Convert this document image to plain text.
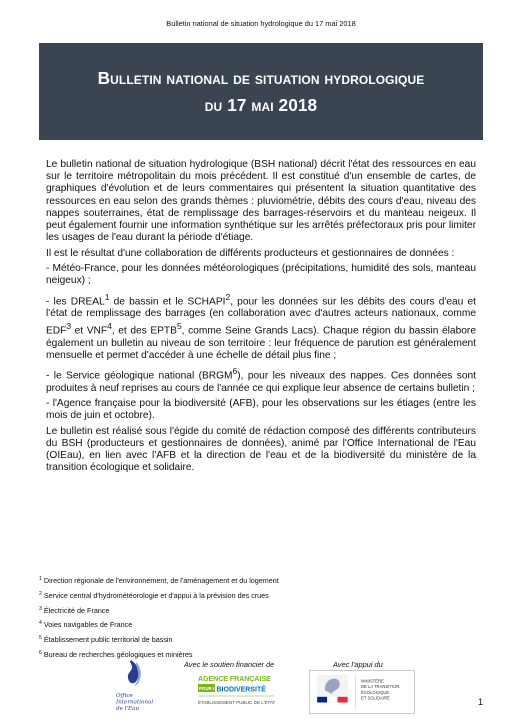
Bulletin national de situation hydrologique du 17 mai 2018
Bulletin national de situation hydrologique
du 17 mai 2018

Le bulletin national de situation hydrologique (BSH national) décrit l'état des ressources en eau sur le territoire métropolitain du mois précédent. Il est constitué d'un ensemble de cartes, de graphiques d'évolution et de leurs commentaires qui présentent la situation quantitative des ressources en eau selon des grands thèmes : pluviométrie, débits des cours d'eau, niveau des nappes souterraines, état de remplissage des barrages-réservoirs et du manteau neigeux. Il peut également fournir une information synthétique sur les arrêtés préfectoraux pris pour limiter les usages de l'eau durant la période d'étiage.

Il est le résultat d'une collaboration de différents producteurs et gestionnaires de données :

- Météo-France, pour les données météorologiques (précipitations, humidité des sols, manteau neigeux) ;

- les DREAL$^1$ de bassin et le SCHAPI$^2$, pour les données sur les débits des cours d'eau et l'état de remplissage des barrages (en collaboration avec d'autres acteurs nationaux, comme EDF$^3$ et VNF$^4$, et des EPTB$^5$, comme Seine Grands Lacs). Chaque région du bassin élabore également un bulletin au niveau de son territoire : leur fréquence de parution est généralement mensuelle et permet d'accéder à une échelle de détail plus fine ;

- le Service géologique national (BRGM$^6$), pour les niveaux des nappes. Ces données sont produites à neuf reprises au cours de l'année ce qui explique leur absence de certains bulletin ;

- l'Agence française pour la biodiversité (AFB), pour les observations sur les étiages (entre les mois de juin et octobre).

Le bulletin est réalisé sous l'égide du comité de rédaction composé des différents contributeurs du BSH (producteurs et gestionnaires de données), animé par l'Office International de l'Eau (OIEau), en lien avec l'AFB et la direction de l'eau et de la biodiversité du ministère de la transition écologique et solidaire.

$^1$ Direction régionale de l'environnement, de l'aménagement et du logement
$^2$ Service central d'hydrométéorologie et d'appui à la prévision des crues
$^3$ Électricité de France
$^4$ Voies navigables de France
$^5$ Établissement public territorial de bassin
$^6$ Bureau de recherches géologiques et minières
Avec le soutien financier de	Avec l'appui du
Office
International
de l'Eau
AGENCE FRANÇAISE
POUR LA
BIODIVERSITÉ
ÉTABLISSEMENT PUBLIC DE L'ÉTAT
MINISTÈRE
DE LA TRANSITION
ÉCOLOGIQUE
ET SOLIDAIRE	1
